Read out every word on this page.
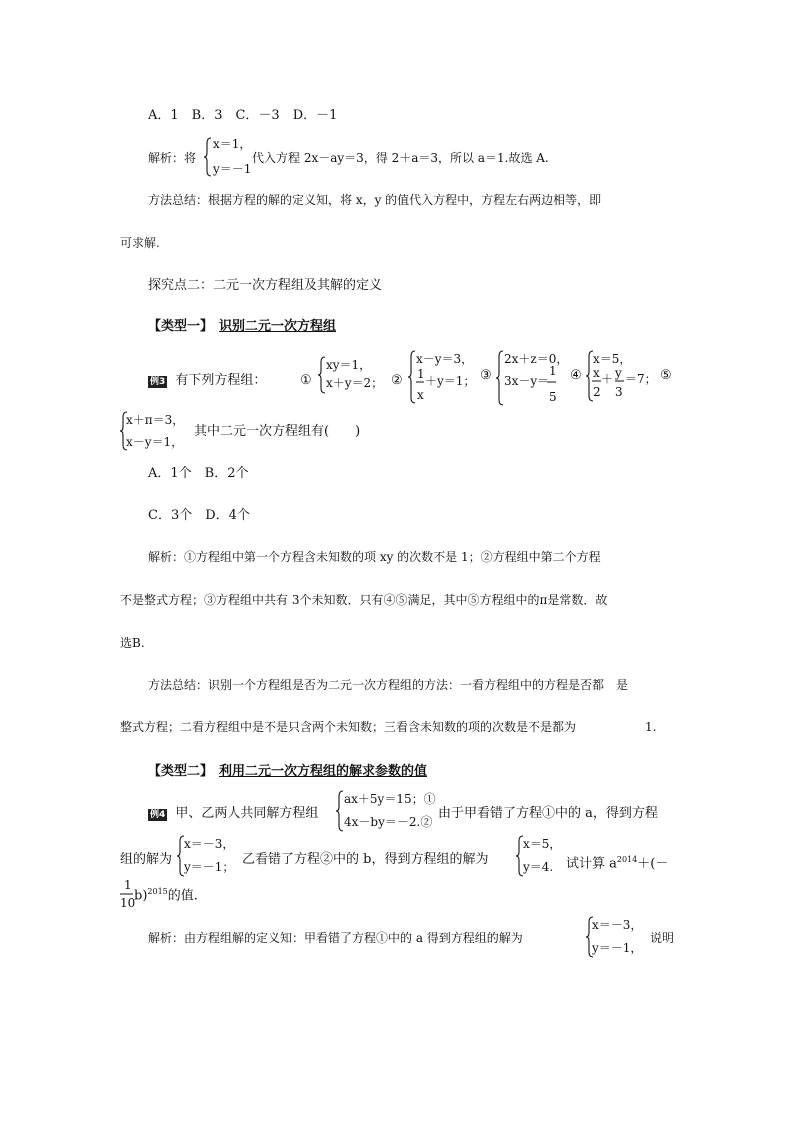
A．1　B．3　C．－3　D．－1
解析：将
x＝1，
y＝－1
代入方程 2x－ay＝3，得 2＋a＝3，所以 a＝1.故选 A.
方法总结：根据方程的解的定义知，将 x，y 的值代入方程中，方程左右两边相等，即
可求解.
探究点二：二元一次方程组及其解的定义
【类型一】 识别二元一次方程组
例3 有下列方程组：	①
xy＝1，
x＋y＝2； ②
x－y＝3，
1 ＋y＝1；
x
③
2x＋z＝0，
3x－y＝
1
5
④
x＝5，
x ＋ y ＝7；
2 3
⑤
x＋π＝3，
x－y＝1，
其中二元一次方程组有(　　)
A．1个　B．2个
C．3个　D．4个
解析：①方程组中第一个方程含未知数的项 xy 的次数不是 1；②方程组中第二个方程
不是整式方程；③方程组中共有 3个未知数．只有④⑤满足，其中⑤方程组中的π是常数．故
选B.
方法总结：识别一个方程组是否为二元一次方程组的方法：一看方程组中的方程是否都　是
整式方程；二看方程组中是不是只含两个未知数；三看含未知数的项的次数是不是都为	1.
【类型二】 利用二元一次方程组的解求参数的值
例4 甲、乙两人共同解方程组
ax＋5y＝15；①
4x－by＝－2.②
由于甲看错了方程①中的 a，得到方程
组的解为
x＝－3，
y＝－1； 乙看错了方程②中的 b，得到方程组的解为
x＝5，
y＝4. 试计算 $a^{2014}+(-$
1
10
b)$^{2015}$的值.
解析：由方程组解的定义知：甲看错了方程①中的 a 得到方程组的解为
x＝－3，
y＝－1，
说明
